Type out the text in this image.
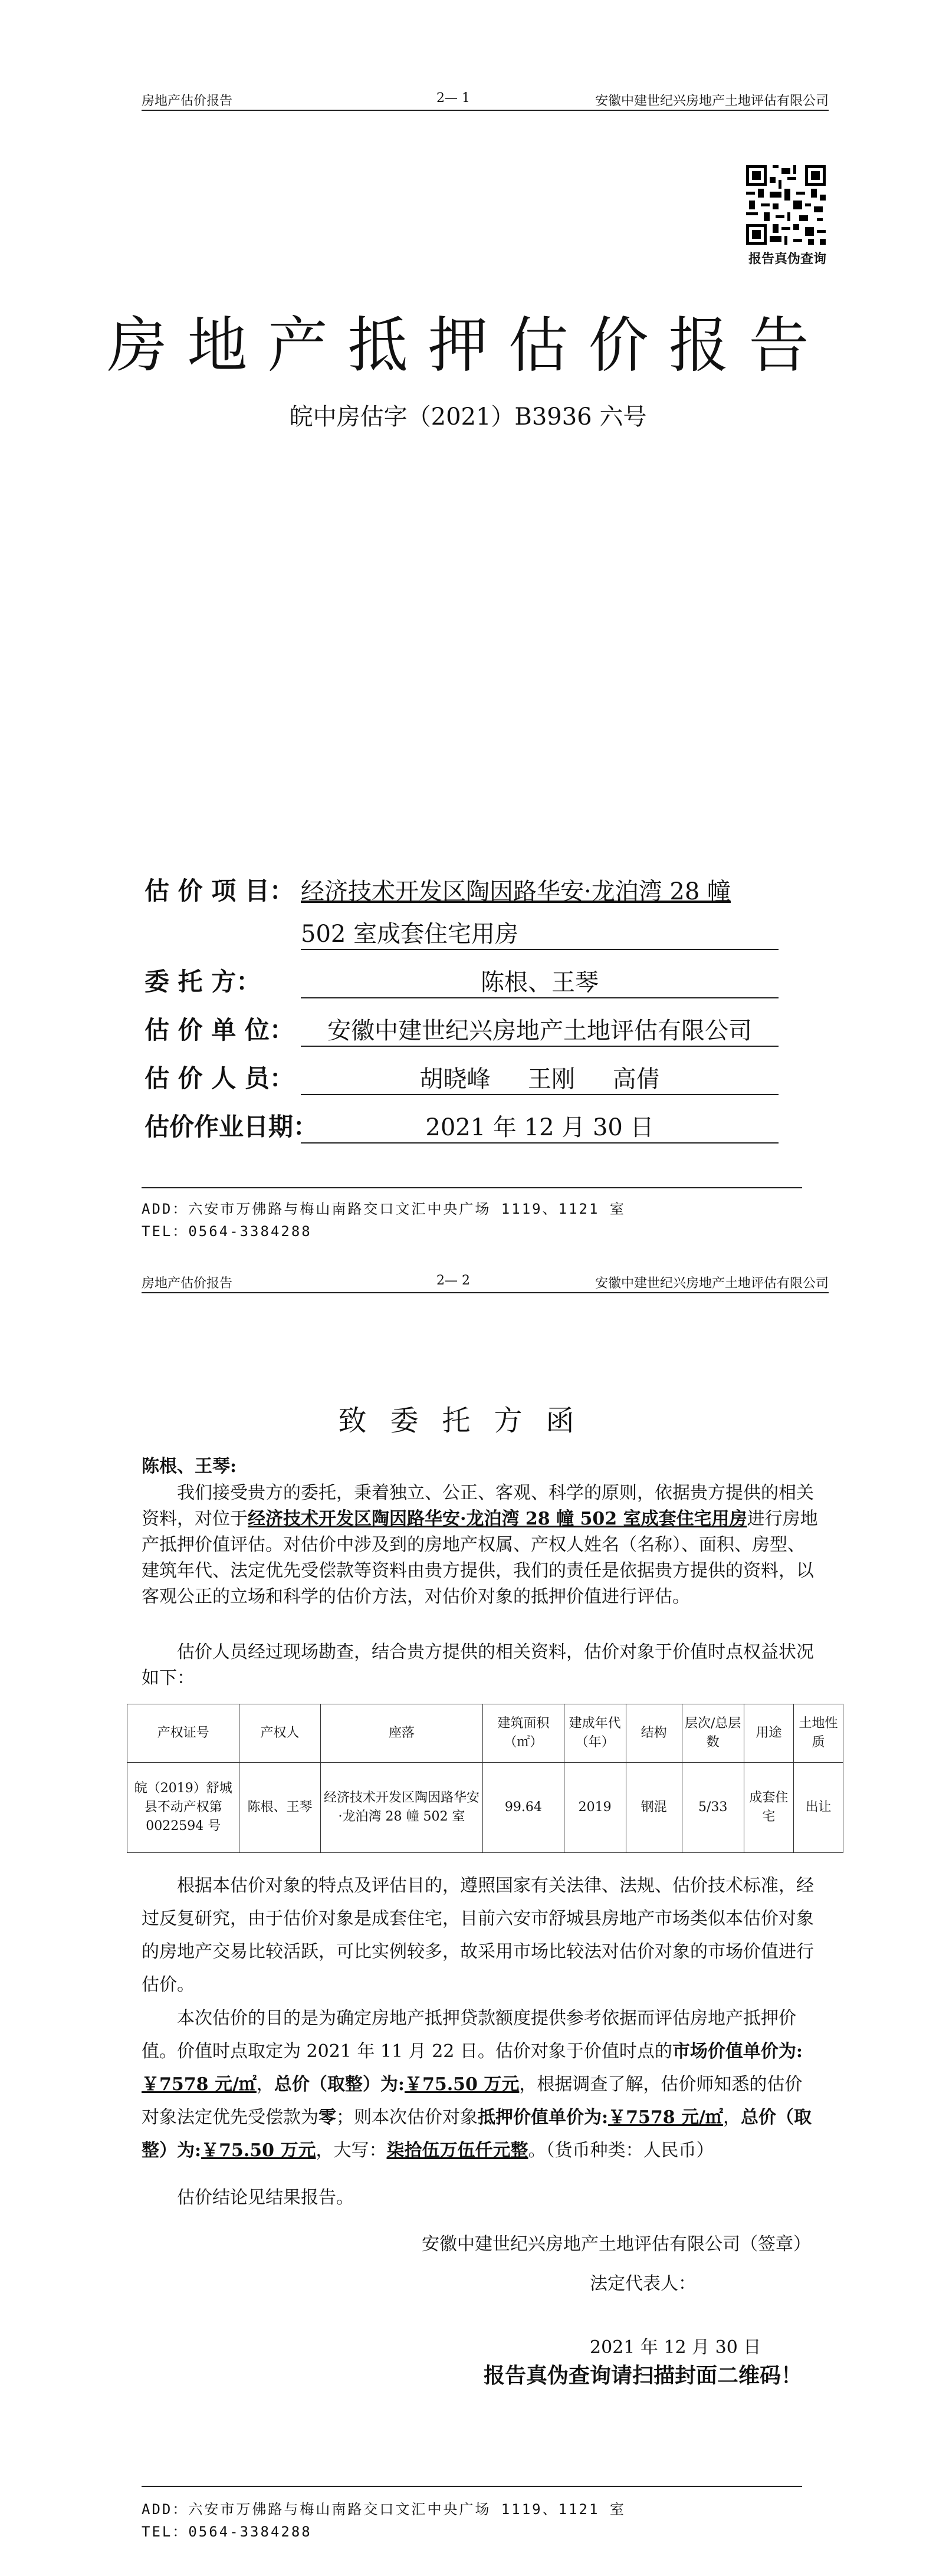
房地产估价报告	2— 1	安徽中建世纪兴房地产土地评估有限公司
报告真伪查询
房地产抵押估价报告
皖中房估字（2021）B3936 六号
估 价 项 目： 经济技术开发区陶因路华安·龙泊湾 28 幢
502 室成套住宅用房
委 托 方：	陈根、王琴
估 价 单 位：	安徽中建世纪兴房地产土地评估有限公司
估 价 人 员：	胡晓峰     王刚     高倩
估价作业日期：	2021 年 12 月 30 日
ADD：六安市万佛路与梅山南路交口文汇中央广场 1119、1121 室
TEL：0564-3384288
房地产估价报告	2— 2	安徽中建世纪兴房地产土地评估有限公司
致委托方函
陈根、王琴:
我们接受贵方的委托，秉着独立、公正、客观、科学的原则，依据贵方提供的相关资料，对位于经济技术开发区陶因路华安·龙泊湾 28 幢 502 室成套住宅用房进行房地产抵押价值评估。对估价中涉及到的房地产权属、产权人姓名（名称）、面积、房型、建筑年代、法定优先受偿款等资料由贵方提供，我们的责任是依据贵方提供的资料，以客观公正的立场和科学的估价方法，对估价对象的抵押价值进行评估。
估价人员经过现场勘查，结合贵方提供的相关资料，估价对象于价值时点权益状况如下：
产权证号	产权人	座落	建筑面积（㎡）	建成年代（年）	结构	层次/总层数	用途	土地性质
皖（2019）舒城县不动产权第 0022594 号	陈根、王琴	经济技术开发区陶因路华安·龙泊湾 28 幢 502 室	99.64	2019	钢混	5/33	成套住宅	出让
根据本估价对象的特点及评估目的，遵照国家有关法律、法规、估价技术标准，经过反复研究，由于估价对象是成套住宅，目前六安市舒城县房地产市场类似本估价对象的房地产交易比较活跃，可比实例较多，故采用市场比较法对估价对象的市场价值进行估价。
本次估价的目的是为确定房地产抵押贷款额度提供参考依据而评估房地产抵押价值。价值时点取定为 2021 年 11 月 22 日。估价对象于价值时点的市场价值单价为:￥7578 元/㎡，总价（取整）为:￥75.50 万元，根据调查了解，估价师知悉的估价对象法定优先受偿款为零；则本次估价对象抵押价值单价为:￥7578 元/㎡，总价（取整）为:￥75.50 万元，大写：柒拾伍万伍仟元整。（货币种类：人民币）
估价结论见结果报告。
安徽中建世纪兴房地产土地评估有限公司（签章）
法定代表人：
2021 年 12 月 30 日
报告真伪查询请扫描封面二维码！
ADD：六安市万佛路与梅山南路交口文汇中央广场 1119、1121 室
TEL：0564-3384288
